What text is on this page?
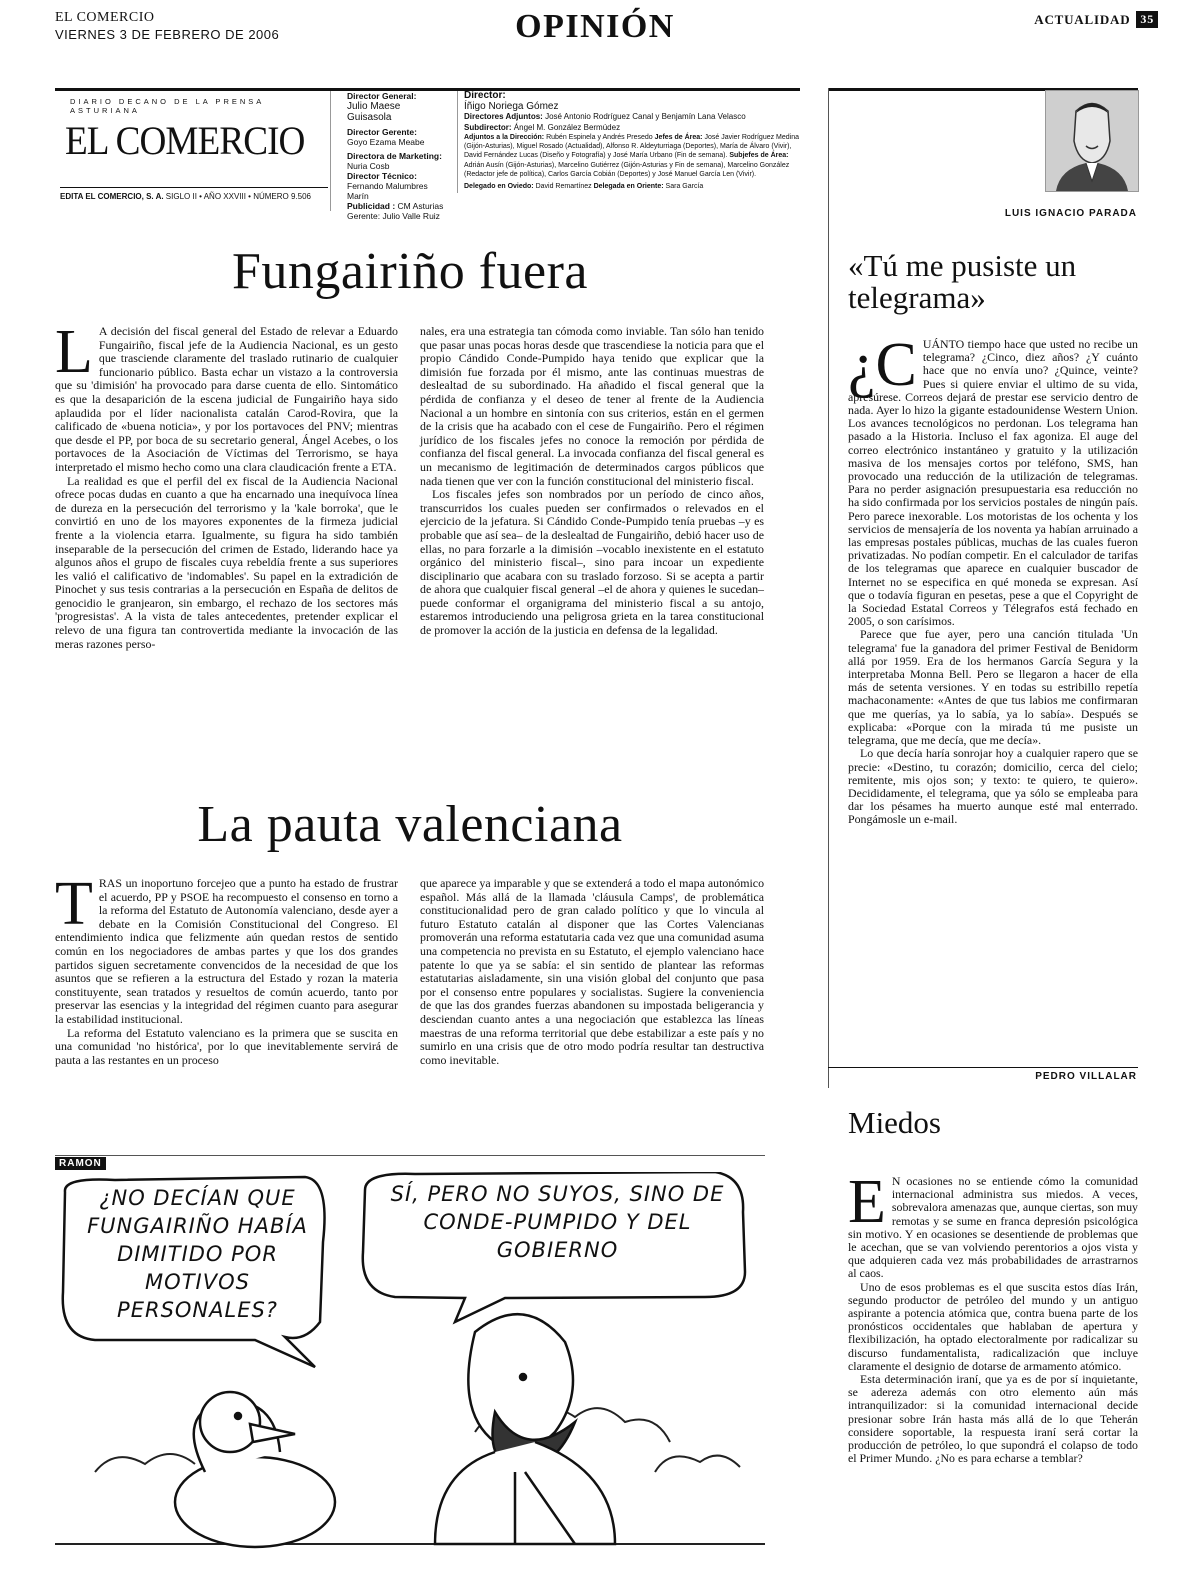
EL COMERCIO
VIERNES 3 DE FEBRERO DE 2006	OPINIÓN	ACTUALIDAD 35
DIARIO DECANO DE LA PRENSA ASTURIANA
EL COMERCIO
EDITA EL COMERCIO, S. A. SIGLO II • AÑO XXVIII • NÚMERO 9.506
Director General:
Julio Maese Guisasola
Director Gerente:
Goyo Ezama Meabe
Directora de Marketing:
Nuria Cosb
Director Técnico:
Fernando Malumbres Marín
Publicidad : CM Asturias
Gerente: Julio Valle Ruiz
Director:
Íñigo Noriega Gómez
Directores Adjuntos: José Antonio Rodríguez Canal y Benjamín Lana Velasco
Subdirector: Ángel M. González Bermúdez
Adjuntos a la Dirección: Rubén Espinela y Andrés Presedo Jefes de Área: José Javier Rodríguez Medina (Gijón-Asturias), Miguel Rosado (Actualidad), Alfonso R. Aldeyturriaga (Deportes), María de Álvaro (Vivir), David Fernández Lucas (Diseño y Fotografía) y José María Urbano (Fin de semana). Subjefes de Área: Adrián Ausín (Gijón-Asturias), Marcelino Gutiérrez (Gijón-Asturias y Fin de semana), Marcelino González (Redactor jefe de política), Carlos García Cobián (Deportes) y José Manuel García Len (Vivir).
Delegado en Oviedo: David Remartínez Delegada en Oriente: Sara García
Fungairiño fuera

L A decisión del fiscal general del Estado de relevar a Eduardo Fungairiño, fiscal jefe de la Audiencia Nacional, es un gesto que trasciende claramente del traslado rutinario de cualquier funcionario público. Basta echar un vistazo a la controversia que su 'dimisión' ha provocado para darse cuenta de ello. Sintomático es que la desaparición de la escena judicial de Fungairiño haya sido aplaudida por el líder nacionalista catalán Carod-Rovira, que la calificado de «buena noticia», y por los portavoces del PNV; mientras que desde el PP, por boca de su secretario general, Ángel Acebes, o los portavoces de la Asociación de Víctimas del Terrorismo, se haya interpretado el mismo hecho como una clara claudicación frente a ETA.

La realidad es que el perfil del ex fiscal de la Audiencia Nacional ofrece pocas dudas en cuanto a que ha encarnado una inequívoca línea de dureza en la persecución del terrorismo y la 'kale borroka', que le convirtió en uno de los mayores exponentes de la firmeza judicial frente a la violencia etarra. Igualmente, su figura ha sido también inseparable de la persecución del crimen de Estado, liderando hace ya algunos años el grupo de fiscales cuya rebeldía frente a sus superiores les valió el calificativo de 'indomables'. Su papel en la extradición de Pinochet y sus tesis contrarias a la persecución en España de delitos de genocidio le granjearon, sin embargo, el rechazo de los sectores más 'progresistas'. A la vista de tales antecedentes, pretender explicar el relevo de una figura tan controvertida mediante la invocación de las meras razones perso-

nales, era una estrategia tan cómoda como inviable. Tan sólo han tenido que pasar unas pocas horas desde que trascendiese la noticia para que el propio Cándido Conde-Pumpido haya tenido que explicar que la dimisión fue forzada por él mismo, ante las continuas muestras de deslealtad de su subordinado. Ha añadido el fiscal general que la pérdida de confianza y el deseo de tener al frente de la Audiencia Nacional a un hombre en sintonía con sus criterios, están en el germen de la crisis que ha acabado con el cese de Fungairiño. Pero el régimen jurídico de los fiscales jefes no conoce la remoción por pérdida de confianza del fiscal general. La invocada confianza del fiscal general es un mecanismo de legitimación de determinados cargos públicos que nada tienen que ver con la función constitucional del ministerio fiscal.

Los fiscales jefes son nombrados por un período de cinco años, transcurridos los cuales pueden ser confirmados o relevados en el ejercicio de la jefatura. Si Cándido Conde-Pumpido tenía pruebas –y es probable que así sea– de la deslealtad de Fungairiño, debió hacer uso de ellas, no para forzarle a la dimisión –vocablo inexistente en el estatuto orgánico del ministerio fiscal–, sino para incoar un expediente disciplinario que acabara con su traslado forzoso. Si se acepta a partir de ahora que cualquier fiscal general –el de ahora y quienes le sucedan– puede conformar el organigrama del ministerio fiscal a su antojo, estaremos introduciendo una peligrosa grieta en la tarea constitucional de promover la acción de la justicia en defensa de la legalidad.

La pauta valenciana

TRAS un inoportuno forcejeo que a punto ha estado de frustrar el acuerdo, PP y PSOE ha recompuesto el consenso en torno a la reforma del Estatuto de Autonomía valenciano, desde ayer a debate en la Comisión Constitucional del Congreso. El entendimiento indica que felizmente aún quedan restos de sentido común en los negociadores de ambas partes y que los dos grandes partidos siguen secretamente convencidos de la necesidad de que los asuntos que se refieren a la estructura del Estado y rozan la materia constituyente, sean tratados y resueltos de común acuerdo, tanto por preservar las esencias y la integridad del régimen cuanto para asegurar la estabilidad institucional.

La reforma del Estatuto valenciano es la primera que se suscita en una comunidad 'no histórica', por lo que inevitablemente servirá de pauta a las restantes en un proceso

que aparece ya imparable y que se extenderá a todo el mapa autonómico español. Más allá de la llamada 'cláusula Camps', de problemática constitucionalidad pero de gran calado político y que lo vincula al futuro Estatuto catalán al disponer que las Cortes Valencianas promoverán una reforma estatutaria cada vez que una comunidad asuma una competencia no prevista en su Estatuto, el ejemplo valenciano hace patente lo que ya se sabía: el sin sentido de plantear las reformas estatutarias aisladamente, sin una visión global del conjunto que pasa por el consenso entre populares y socialistas. Sugiere la conveniencia de que las dos grandes fuerzas abandonen su impostada beligerancia y desciendan cuanto antes a una negociación que establezca las líneas maestras de una reforma territorial que debe estabilizar a este país y no sumirlo en una crisis que de otro modo podría resultar tan destructiva como inevitable.

RAMON
¿NO DECÍAN QUE FUNGAIRIÑO HABÍA DIMITIDO POR MOTIVOS PERSONALES?
SÍ, PERO NO SUYOS, SINO DE CONDE-PUMPIDO Y DEL GOBIERNO
LUIS IGNACIO PARADA
«Tú me pusiste un telegrama»

¿C UÁNTO tiempo hace que usted no recibe un telegrama? ¿Cinco, diez años? ¿Y cuánto hace que no envía uno? ¿Quince, veinte? Pues si quiere enviar el ultimo de su vida, apresúrese. Correos dejará de prestar ese servicio dentro de nada. Ayer lo hizo la gigante estadounidense Western Union. Los avances tecnológicos no perdonan. Los telegrama han pasado a la Historia. Incluso el fax agoniza. El auge del correo electrónico instantáneo y gratuito y la utilización masiva de los mensajes cortos por teléfono, SMS, han provocado una reducción de la utilización de telegramas. Para no perder asignación presupuestaria esa reducción no ha sido confirmada por los servicios postales de ningún país. Pero parece inexorable. Los motoristas de los ochenta y los servicios de mensajería de los noventa ya habían arruinado a las empresas postales públicas, muchas de las cuales fueron privatizadas. No podían competir. En el calculador de tarifas de los telegramas que aparece en cualquier buscador de Internet no se especifica en qué moneda se expresan. Así que o todavía figuran en pesetas, pese a que el Copyright de la Sociedad Estatal Correos y Télegrafos está fechado en 2005, o son carísimos.

Parece que fue ayer, pero una canción titulada 'Un telegrama' fue la ganadora del primer Festival de Benidorm allá por 1959. Era de los hermanos García Segura y la interpretaba Monna Bell. Pero se llegaron a hacer de ella más de setenta versiones. Y en todas su estribillo repetía machaconamente: «Antes de que tus labios me confirmaran que me querías, ya lo sabía, ya lo sabía». Después se explicaba: «Porque con la mirada tú me pusiste un telegrama, que me decía, que me decía».

Lo que decía haría sonrojar hoy a cualquier rapero que se precie: «Destino, tu corazón; domicilio, cerca del cielo; remitente, mis ojos son; y texto: te quiero, te quiero». Decididamente, el telegrama, que ya sólo se empleaba para dar los pésames ha muerto aunque esté mal enterrado. Pongámosle un e-mail.

PEDRO VILLALAR
Miedos

E N ocasiones no se entiende cómo la comunidad internacional administra sus miedos. A veces, sobrevalora amenazas que, aunque ciertas, son muy remotas y se sume en franca depresión psicológica sin motivo. Y en ocasiones se desentiende de problemas que le acechan, que se van volviendo perentorios a ojos vista y que adquieren cada vez más probabilidades de arrastrarnos al caos.

Uno de esos problemas es el que suscita estos días Irán, segundo productor de petróleo del mundo y un antiguo aspirante a potencia atómica que, contra buena parte de los pronósticos occidentales que hablaban de apertura y flexibilización, ha optado electoralmente por radicalizar su discurso fundamentalista, radicalización que incluye claramente el designio de dotarse de armamento atómico.

Esta determinación iraní, que ya es de por sí inquietante, se adereza además con otro elemento aún más intranquilizador: si la comunidad internacional decide presionar sobre Irán hasta más allá de lo que Teherán considere soportable, la respuesta iraní será cortar la producción de petróleo, lo que supondrá el colapso de todo el Primer Mundo. ¿No es para echarse a temblar?
